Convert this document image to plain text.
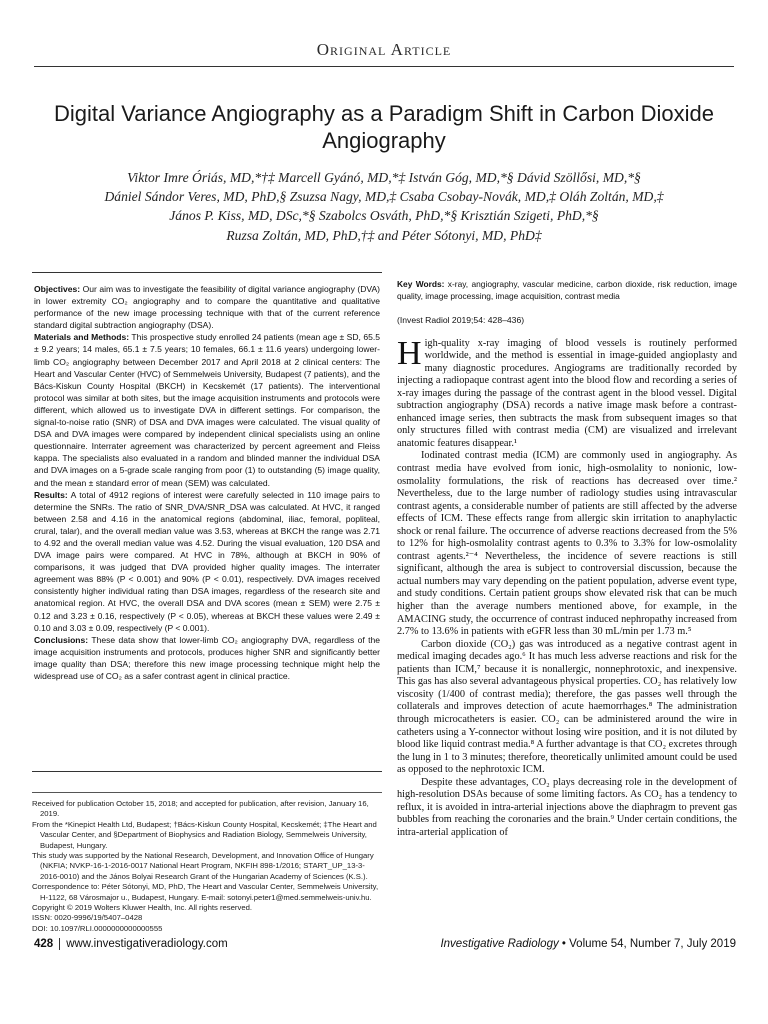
Original Article
Digital Variance Angiography as a Paradigm Shift in Carbon Dioxide Angiography
Viktor Imre Óriás, MD,*†‡ Marcell Gyánó, MD,*‡ István Góg, MD,*§ Dávid Szöllősi, MD,*§
Dániel Sándor Veres, MD, PhD,§ Zsuzsa Nagy, MD,‡ Csaba Csobay-Novák, MD,‡ Oláh Zoltán, MD,‡
János P. Kiss, MD, DSc,*§ Szabolcs Osváth, PhD,*§ Krisztián Szigeti, PhD,*§
Ruzsa Zoltán, MD, PhD,†‡ and Péter Sótonyi, MD, PhD‡

Objectives: Our aim was to investigate the feasibility of digital variance angiography (DVA) in lower extremity CO₂ angiography and to compare the quantitative and qualitative performance of the new image processing technique with that of the current reference standard digital subtraction angiography (DSA).

Materials and Methods: This prospective study enrolled 24 patients (mean age ± SD, 65.5 ± 9.2 years; 14 males, 65.1 ± 7.5 years; 10 females, 66.1 ± 11.6 years) undergoing lower-limb CO₂ angiography between December 2017 and April 2018 at 2 clinical centers: The Heart and Vascular Center (HVC) of Semmelweis University, Budapest (7 patients), and the Bács-Kiskun County Hospital (BKCH) in Kecskemét (17 patients). The interventional protocol was similar at both sites, but the image acquisition instruments and protocols were different, which allowed us to investigate DVA in different settings. For comparison, the signal-to-noise ratio (SNR) of DSA and DVA images were calculated. The visual quality of DSA and DVA images were compared by independent clinical specialists using an online questionnaire. Interrater agreement was characterized by percent agreement and Fleiss kappa. The specialists also evaluated in a random and blinded manner the individual DSA and DVA images on a 5-grade scale ranging from poor (1) to outstanding (5) image quality, and the mean ± standard error of mean (SEM) was calculated.

Results: A total of 4912 regions of interest were carefully selected in 110 image pairs to determine the SNRs. The ratio of SNR_DVA/SNR_DSA was calculated. At HVC, it ranged between 2.58 and 4.16 in the anatomical regions (abdominal, iliac, femoral, popliteal, crural, talar), and the overall median value was 3.53, whereas at BKCH the range was 2.71 to 4.92 and the overall median value was 4.52. During the visual evaluation, 120 DSA and DVA image pairs were compared. At HVC in 78%, although at BKCH in 90% of comparisons, it was judged that DVA provided higher quality images. The interrater agreement was 88% (P < 0.001) and 90% (P < 0.01), respectively. DVA images received consistently higher individual rating than DSA images, regardless of the research site and anatomical region. At HVC, the overall DSA and DVA scores (mean ± SEM) were 2.75 ± 0.12 and 3.23 ± 0.16, respectively (P < 0.05), whereas at BKCH these values were 2.49 ± 0.10 and 3.03 ± 0.09, respectively (P < 0.001).

Conclusions: These data show that lower-limb CO₂ angiography DVA, regardless of the image acquisition instruments and protocols, produces higher SNR and significantly better image quality than DSA; therefore this new image processing technique might help the widespread use of CO₂ as a safer contrast agent in clinical practice.

Key Words: x-ray, angiography, vascular medicine, carbon dioxide, risk reduction, image quality, image processing, image acquisition, contrast media

(Invest Radiol 2019;54: 428–436)

High-quality x-ray imaging of blood vessels is routinely performed worldwide, and the method is essential in image-guided angioplasty and many diagnostic procedures. Angiograms are traditionally recorded by injecting a radiopaque contrast agent into the blood flow and recording a series of x-ray images during the passage of the contrast agent in the blood vessel. Digital subtraction angiography (DSA) records a native image mask before a contrast-enhanced image series, then subtracts the mask from subsequent images so that only structures filled with contrast media (CM) are visualized and irrelevant anatomic features disappear.¹

Iodinated contrast media (ICM) are commonly used in angiography. As contrast media have evolved from ionic, high-osmolality to nonionic, low-osmolality formulations, the risk of reactions has decreased over time.² Nevertheless, due to the large number of radiology studies using intravascular contrast agents, a considerable number of patients are still affected by the adverse effects of ICM. These effects range from allergic skin irritation to anaphylactic shock or renal failure. The occurrence of adverse reactions decreased from the 5% to 12% for high-osmolality contrast agents to 0.3% to 3.3% for low-osmolality contrast agents.²⁻⁴ Nevertheless, the incidence of severe reactions is still significant, although the area is subject to controversial discussion, because the actual numbers may vary depending on the patient population, adverse event type, and study conditions. Certain patient groups show elevated risk that can be much higher than the average numbers mentioned above, for example, in the AMACING study, the occurrence of contrast induced nephropathy increased from 2.7% to 13.6% in patients with eGFR less than 30 mL/min per 1.73 m.⁵

Carbon dioxide (CO₂) gas was introduced as a negative contrast agent in medical imaging decades ago.⁶ It has much less adverse reactions and risk for the patients than ICM,⁷ because it is nonallergic, nonnephrotoxic, and inexpensive. This gas has also several advantageous physical properties. CO₂ has relatively low viscosity (1/400 of contrast media); therefore, the gas passes well through the collaterals and improves detection of acute haemorrhages.⁸ The administration through microcatheters is easier. CO₂ can be administered around the wire in catheters using a Y-connector without losing wire position, and it is not diluted by blood like liquid contrast media.⁸ A further advantage is that CO₂ excretes through the lung in 1 to 3 minutes; therefore, theoretically unlimited amount could be used as opposed to the nephrotoxic ICM.

Despite these advantages, CO₂ plays decreasing role in the development of high-resolution DSAs because of some limiting factors. As CO₂ has a tendency to reflux, it is avoided in intra-arterial injections above the diaphragm to prevent gas bubbles from reaching the coronaries and the brain.⁹ Under certain conditions, the intra-arterial application of

Received for publication October 15, 2018; and accepted for publication, after revision, January 16, 2019.
From the *Kinepict Health Ltd, Budapest; †Bács-Kiskun County Hospital, Kecskemét; ‡The Heart and Vascular Center, and §Department of Biophysics and Radiation Biology, Semmelweis University, Budapest, Hungary.
This study was supported by the National Research, Development, and Innovation Office of Hungary (NKFIA; NVKP-16-1-2016-0017 National Heart Program, NKFIH 898-1/2016; START_UP_13-3-2016-0010) and the János Bolyai Research Grant of the Hungarian Academy of Sciences (K.S.).
Correspondence to: Péter Sótonyi, MD, PhD, The Heart and Vascular Center, Semmelweis University, H-1122, 68 Városmajor u., Budapest, Hungary. E-mail: sotonyi.peter1@med.semmelweis-univ.hu.
Copyright © 2019 Wolters Kluwer Health, Inc. All rights reserved.
ISSN: 0020-9996/19/5407–0428
DOI: 10.1097/RLI.0000000000000555
428 www.investigativeradiology.com	Investigative Radiology • Volume 54, Number 7, July 2019
